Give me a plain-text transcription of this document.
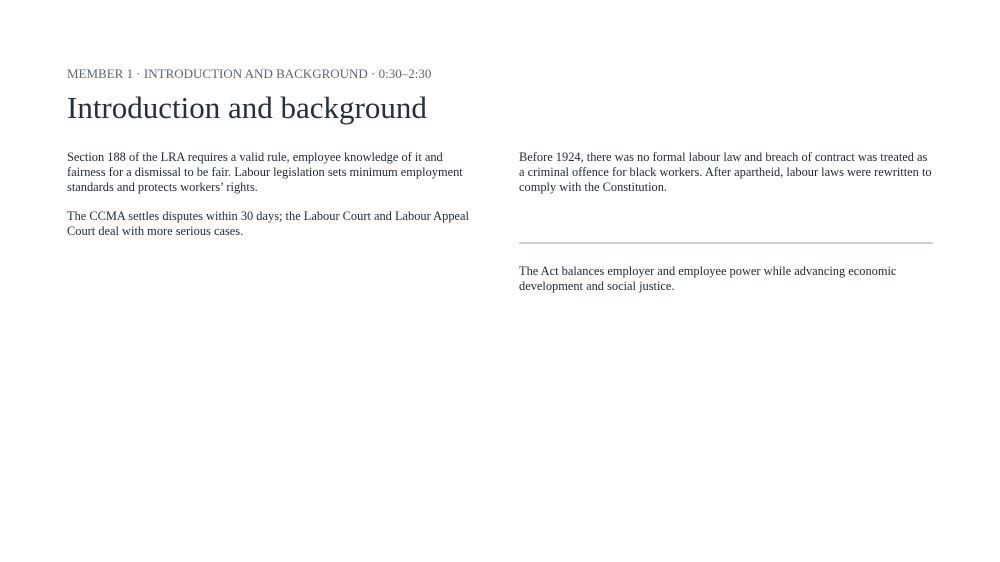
MEMBER 1 · INTRODUCTION AND BACKGROUND · 0:30–2:30
Introduction and background

Section 188 of the LRA requires a valid rule, employee knowledge of it and fairness for a dismissal to be fair. Labour legislation sets minimum employment standards and protects workers’ rights.

The CCMA settles disputes within 30 days; the Labour Court and Labour Appeal Court deal with more serious cases.

Before 1924, there was no formal labour law and breach of contract was treated as a criminal offence for black workers. After apartheid, labour laws were rewritten to comply with the Constitution.

The Act balances employer and employee power while advancing economic development and social justice.
